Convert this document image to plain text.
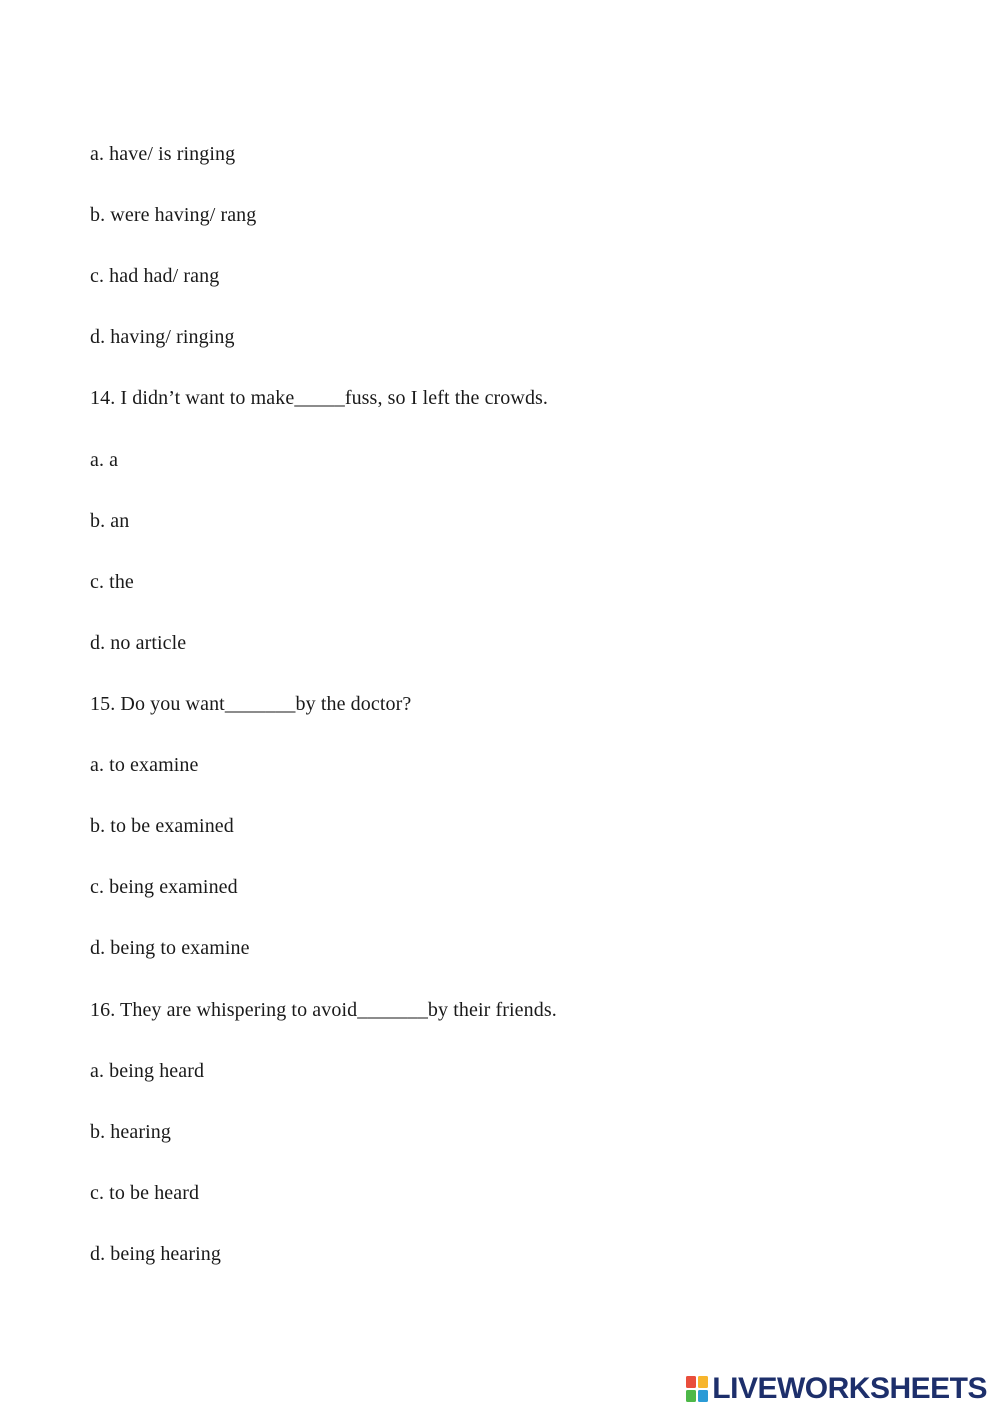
a. have/ is ringing
b. were having/ rang
c. had had/ rang
d. having/ ringing
14. I didn’t want to make_____fuss, so I left the crowds.
a. a
b. an
c. the
d. no article
15. Do you want_______by the doctor?
a. to examine
b. to be examined
c. being examined
d. being to examine
16. They are whispering to avoid_______by their friends.
a. being heard
b. hearing
c. to be heard
d. being hearing
LIVEWORKSHEETS
